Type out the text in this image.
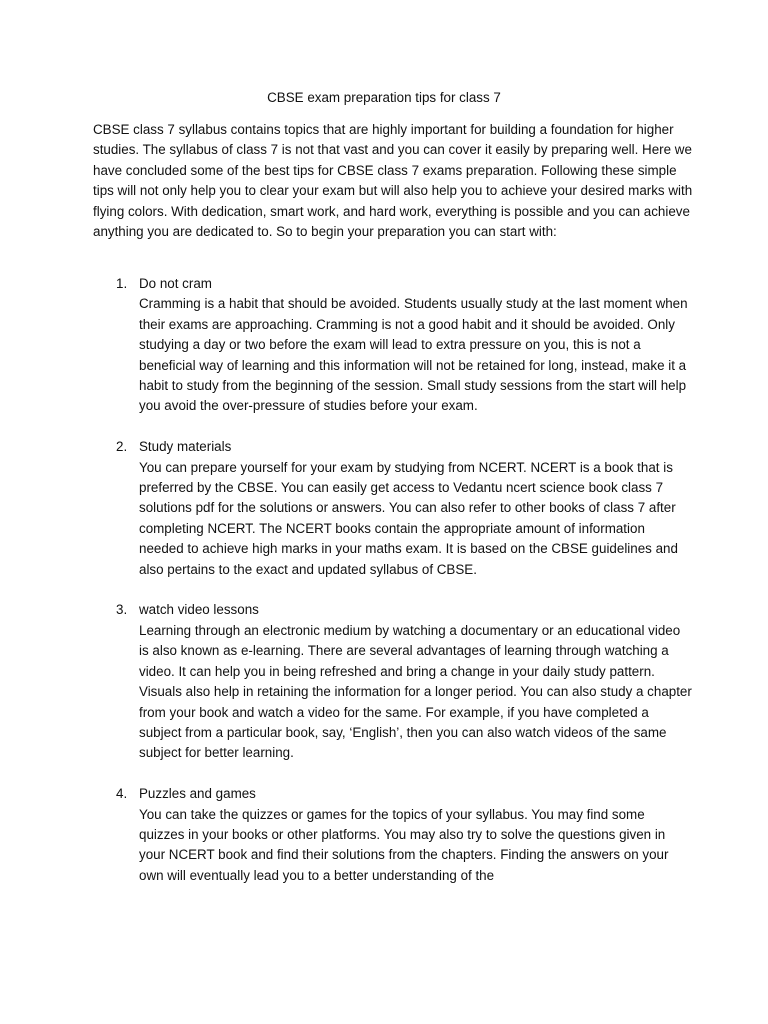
CBSE exam preparation tips for class 7

CBSE class 7 syllabus contains topics that are highly important for building a foundation for higher studies. The syllabus of class 7 is not that vast and you can cover it easily by preparing well. Here we have concluded some of the best tips for CBSE class 7 exams preparation. Following these simple tips will not only help you to clear your exam but will also help you to achieve your desired marks with flying colors. With dedication, smart work, and hard work, everything is possible and you can achieve anything you are dedicated to. So to begin your preparation you can start with:

1. Do not cram
Cramming is a habit that should be avoided. Students usually study at the last moment when their exams are approaching. Cramming is not a good habit and it should be avoided. Only studying a day or two before the exam will lead to extra pressure on you, this is not a beneficial way of learning and this information will not be retained for long, instead, make it a habit to study from the beginning of the session. Small study sessions from the start will help you avoid the over-pressure of studies before your exam.
2. Study materials
You can prepare yourself for your exam by studying from NCERT. NCERT is a book that is preferred by the CBSE. You can easily get access to Vedantu ncert science book class 7 solutions pdf for the solutions or answers. You can also refer to other books of class 7 after completing NCERT. The NCERT books contain the appropriate amount of information needed to achieve high marks in your maths exam. It is based on the CBSE guidelines and also pertains to the exact and updated syllabus of CBSE.
3. watch video lessons
Learning through an electronic medium by watching a documentary or an educational video is also known as e-learning. There are several advantages of learning through watching a video. It can help you in being refreshed and bring a change in your daily study pattern. Visuals also help in retaining the information for a longer period. You can also study a chapter from your book and watch a video for the same. For example, if you have completed a subject from a particular book, say, ‘English’, then you can also watch videos of the same subject for better learning.
4. Puzzles and games
You can take the quizzes or games for the topics of your syllabus. You may find some quizzes in your books or other platforms. You may also try to solve the questions given in your NCERT book and find their solutions from the chapters. Finding the answers on your own will eventually lead you to a better understanding of the
